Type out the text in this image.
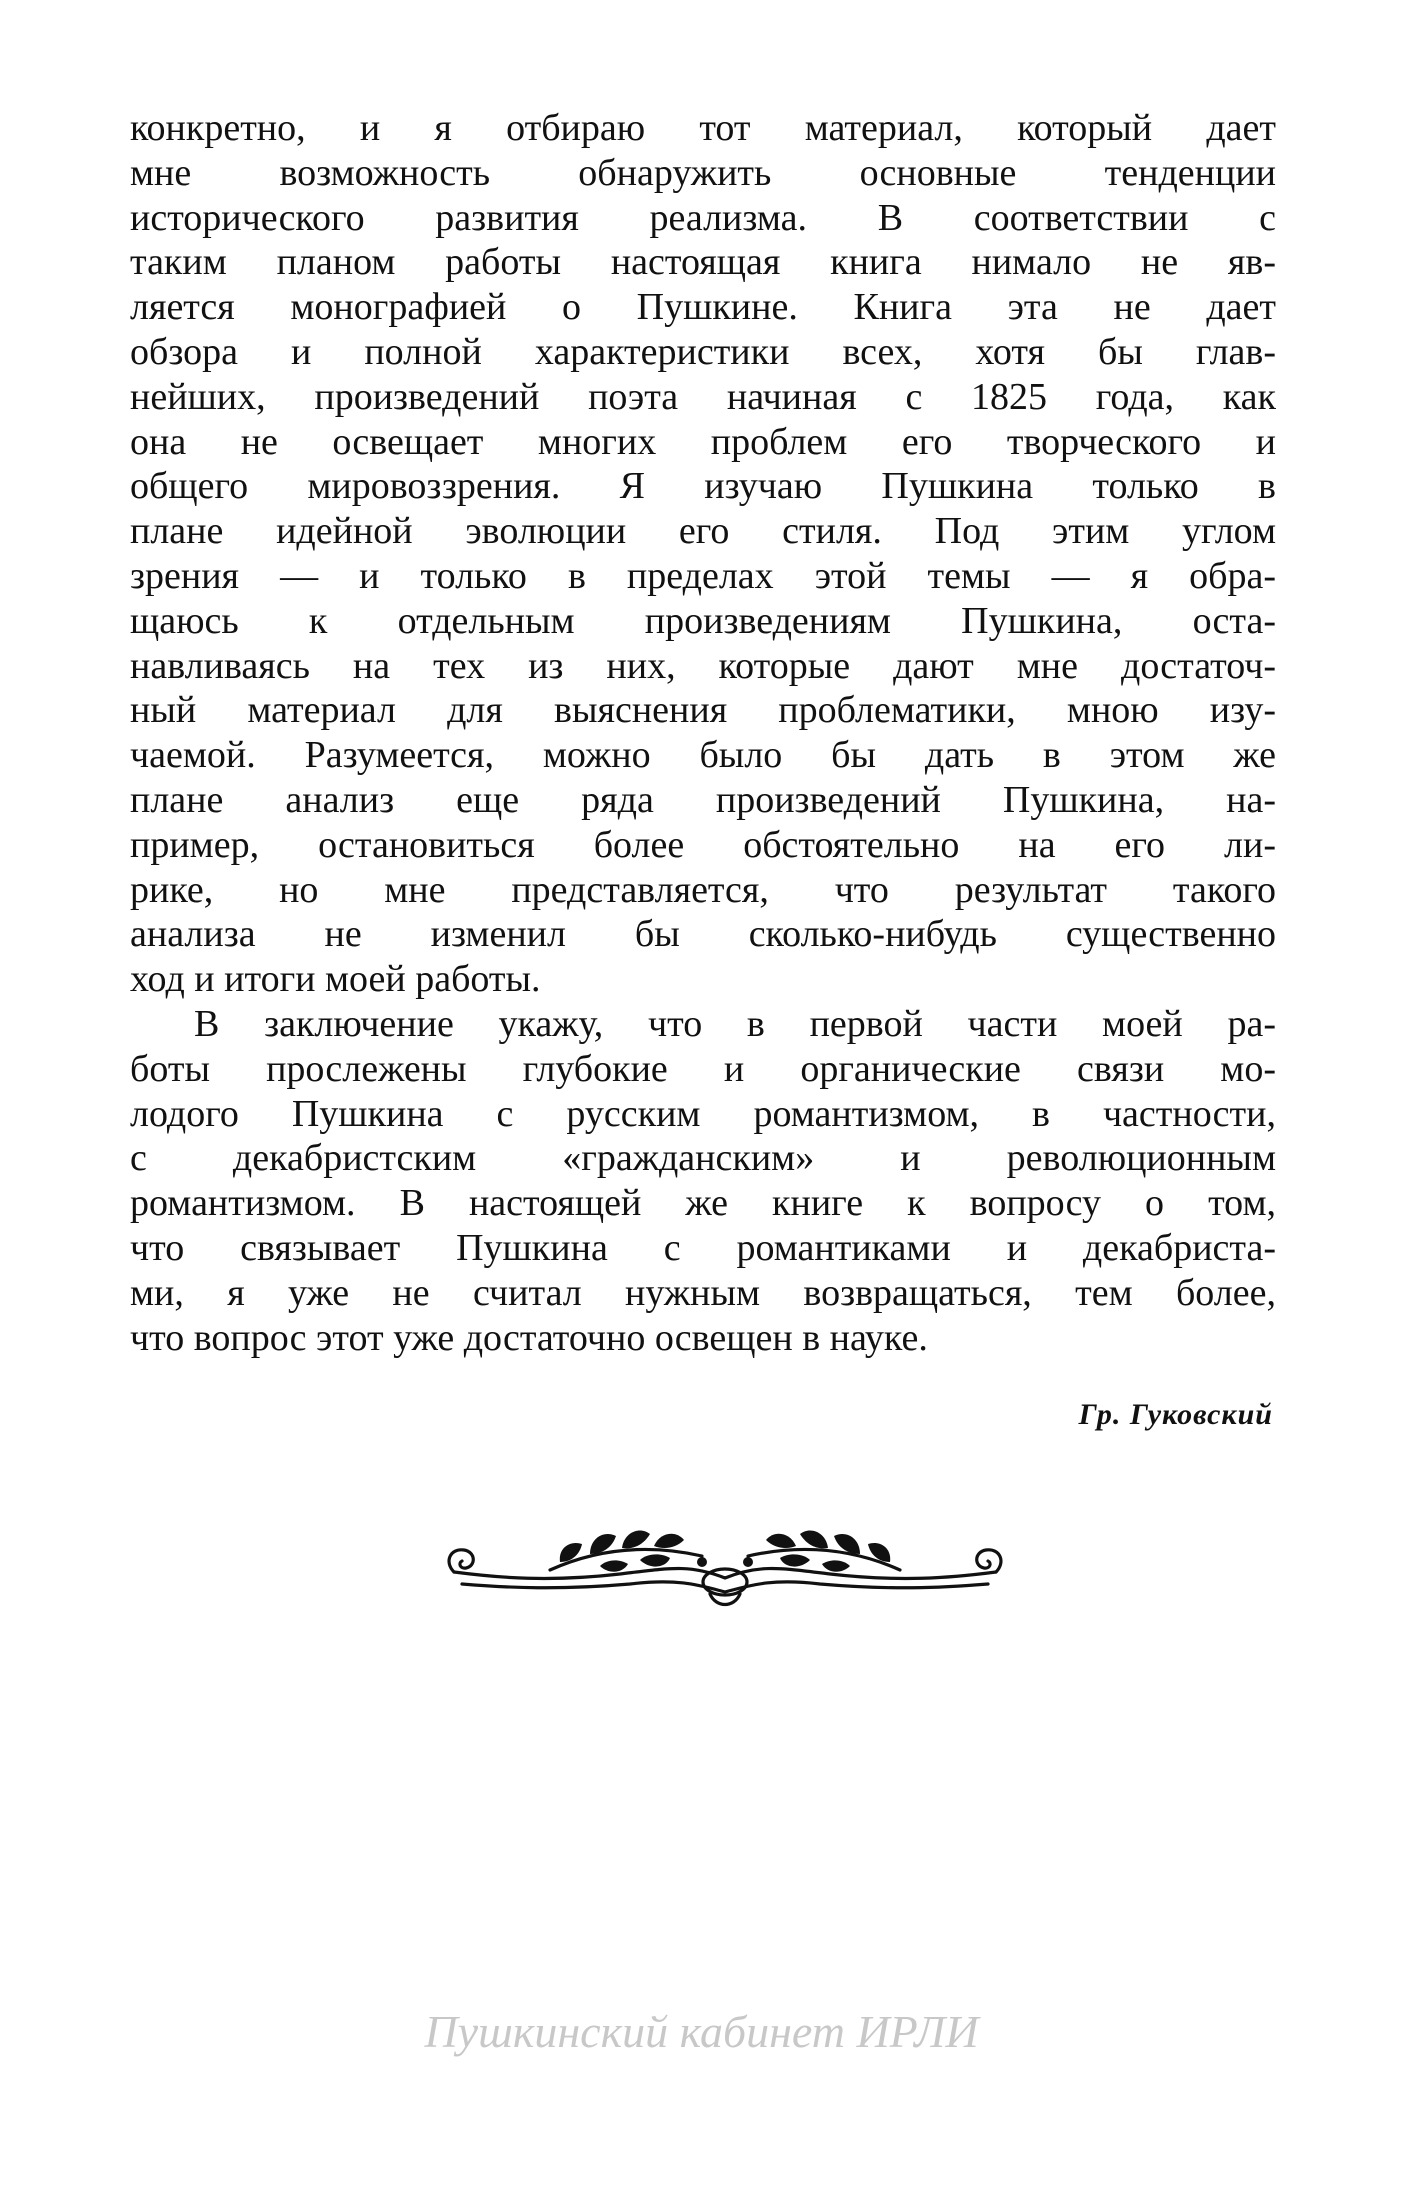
конкретно, и я отбираю тот материал, который дает
мне возможность обнаружить основные тенденции
исторического развития реализма. В соответствии с
таким планом работы настоящая книга нимало не яв-
ляется монографией о Пушкине. Книга эта не дает
обзора и полной характеристики всех, хотя бы глав-
нейших, произведений поэта начиная с 1825 года, как
она не освещает многих проблем его творческого и
общего мировоззрения. Я изучаю Пушкина только в
плане идейной эволюции его стиля. Под этим углом
зрения — и только в пределах этой темы — я обра-
щаюсь к отдельным произведениям Пушкина, оста-
навливаясь на тех из них, которые дают мне достаточ-
ный материал для выяснения проблематики, мною изу-
чаемой. Разумеется, можно было бы дать в этом же
плане анализ еще ряда произведений Пушкина, на-
пример, остановиться более обстоятельно на его ли-
рике, но мне представляется, что результат такого
анализа не изменил бы сколько-нибудь существенно
ход и итоги моей работы.
В заключение укажу, что в первой части моей ра-
боты прослежены глубокие и органические связи мо-
лодого Пушкина с русским романтизмом, в частности,
с декабристским «гражданским» и революционным
романтизмом. В настоящей же книге к вопросу о том,
что связывает Пушкина с романтиками и декабриста-
ми, я уже не считал нужным возвращаться, тем более,
что вопрос этот уже достаточно освещен в науке.
Гр. Гуковский
Пушкинский кабинет ИРЛИ
